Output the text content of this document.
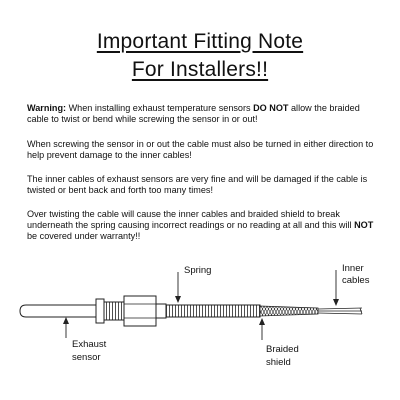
Important Fitting Note
For Installers!!
Warning: When installing exhaust temperature sensors DO NOT allow the braided cable to twist or bend while screwing the sensor in or out!
When screwing the sensor in or out the cable must also be turned in either direction to help prevent damage to the inner cables!
The inner cables of exhaust sensors are very fine and will be damaged if the cable is twisted or bent back and forth too many times!
Over twisting the cable will cause the inner cables and braided shield to break underneath the spring causing incorrect readings or no reading at all and this will NOT be covered under warranty!!
Spring	Inner
cables
Exhaust
sensor
Braided
shield
